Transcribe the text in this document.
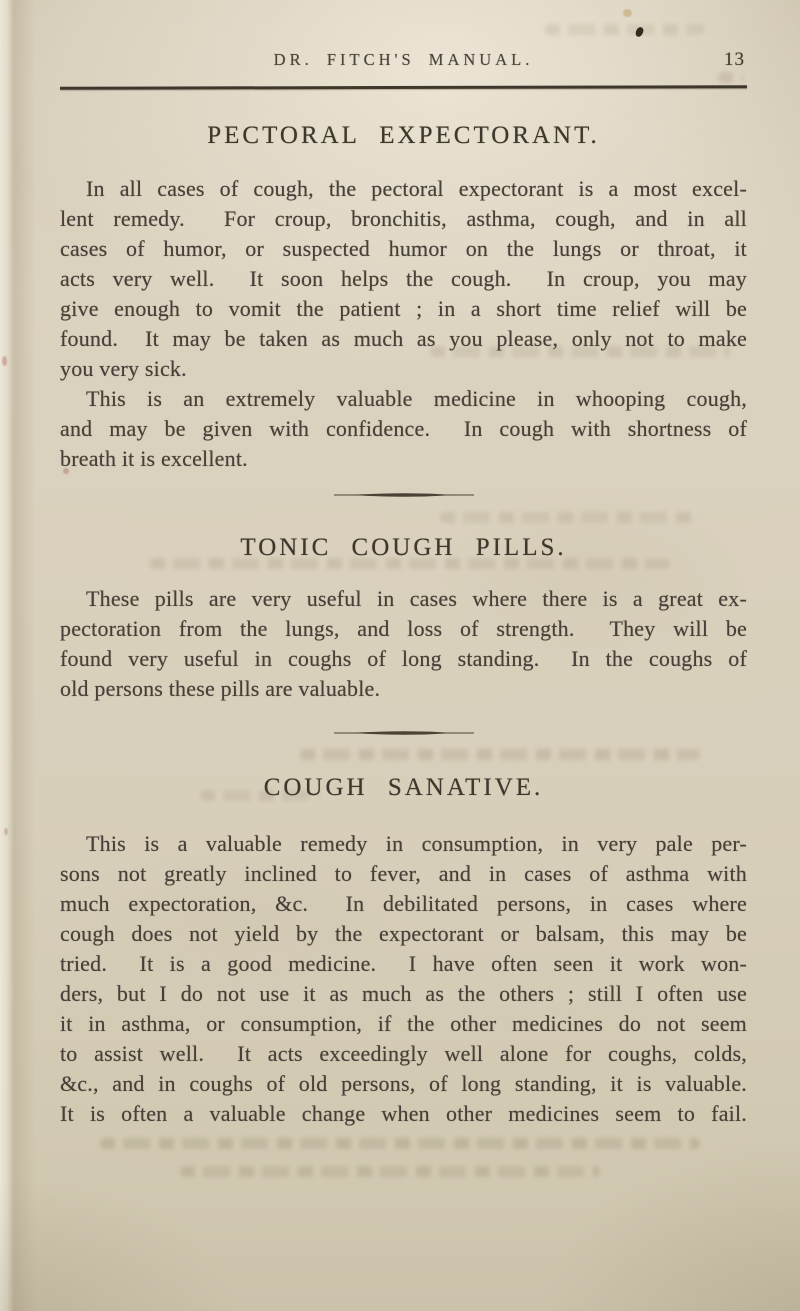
DR. FITCH'S MANUAL.	13
PECTORAL EXPECTORANT.
In all cases of cough, the pectoral expectorant is a most excel-
lent remedy.  For croup, bronchitis, asthma, cough, and in all
cases of humor, or suspected humor on the lungs or throat, it
acts very well.  It soon helps the cough.  In croup, you may
give enough to vomit the patient ; in a short time relief will be
found.  It may be taken as much as you please, only not to make
you very sick.
This is an extremely valuable medicine in whooping cough,
and may be given with confidence.  In cough with shortness of
breath it is excellent.
TONIC COUGH PILLS.
These pills are very useful in cases where there is a great ex-
pectoration from the lungs, and loss of strength.  They will be
found very useful in coughs of long standing.  In the coughs of
old persons these pills are valuable.
COUGH SANATIVE.
This is a valuable remedy in consumption, in very pale per-
sons not greatly inclined to fever, and in cases of asthma with
much expectoration, &c.  In debilitated persons, in cases where
cough does not yield by the expectorant or balsam, this may be
tried.  It is a good medicine.  I have often seen it work won-
ders, but I do not use it as much as the others ; still I often use
it in asthma, or consumption, if the other medicines do not seem
to assist well.  It acts exceedingly well alone for coughs, colds,
&c., and in coughs of old persons, of long standing, it is valuable.
It is often a valuable change when other medicines seem to fail.
